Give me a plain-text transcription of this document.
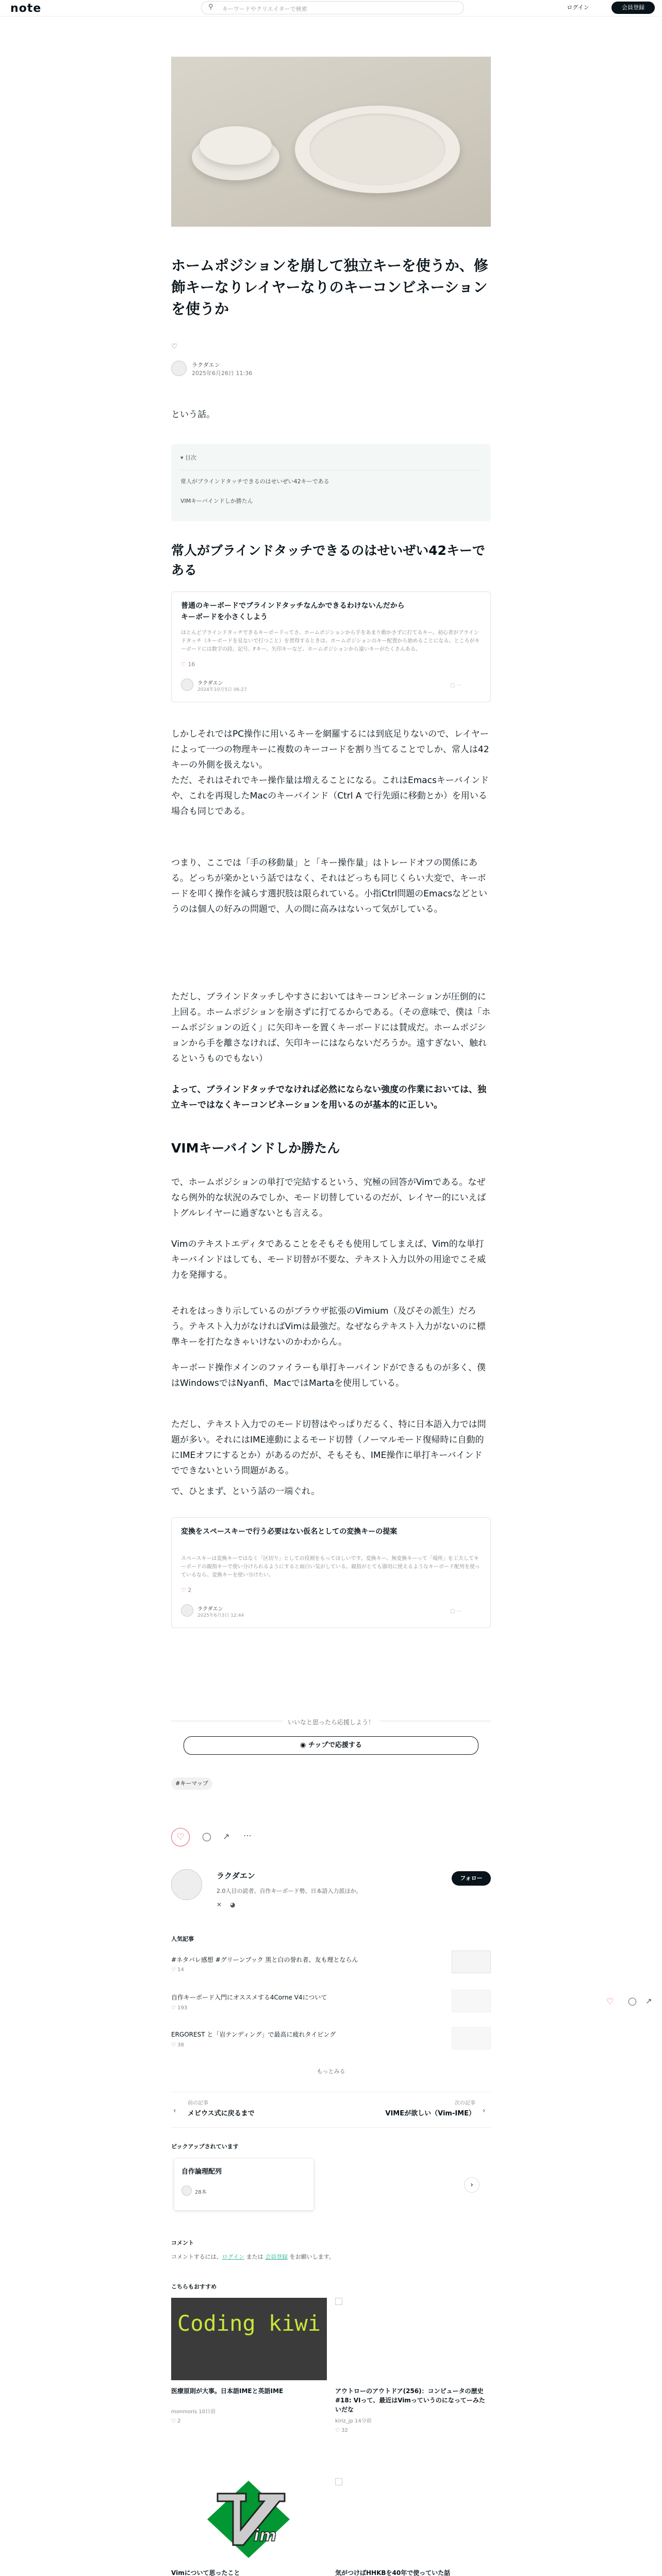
note	キーワードやクリエイターで検索
⚲	ログイン	会員登録
ホームポジションを崩して独立キーを使うか、修飾キーなりレイヤーなりのキーコンビネーションを使うか
♡
ラクダエン
2025年6月26日 11:36
という話。
▾ 目次
常人がブラインドタッチできるのはせいぜい42キーである
VIMキーバインドしか勝たん
常人がブラインドタッチできるのはせいぜい42キーである
普通のキーボードでブラインドタッチなんかできるわけないんだからキーボードを小さくしよう
ほとんどブラインドタッチできるキーボードってさ、ホームポジションから手をあまり動かさずに打てるキー。初心者がブラインドタッチ（キーボードを見ないで打つこと）を習得するときは、ホームポジションのキー配置から始めることになる。ところがキーボードには数字の段、記号、Fキー、矢印キーなど、ホームポジションから遠いキーがたくさんある。
♡ 16
ラクダエン
2024年10月5日 06:27
▢ ⋯
しかしそれではPC操作に用いるキーを網羅するには到底足りないので、レイヤーによって一つの物理キーに複数のキーコードを割り当てることでしか、常人は42キーの外側を扱えない。
ただ、それはそれでキー操作量は増えることになる。これはEmacsキーバインドや、これを再現したMacのキーバインド（Ctrl A で行先頭に移動とか）を用いる場合も同じである。
つまり、ここでは「手の移動量」と「キー操作量」はトレードオフの関係にある。どっちが楽かという話ではなく、それはどっちも同じくらい大変で、キーボードを叩く操作を減らす選択肢は限られている。小指Ctrl問題のEmacsなどというのは個人の好みの問題で、人の間に高みはないって気がしている。
ただし、ブラインドタッチしやすさにおいてはキーコンビネーションが圧倒的に上回る。ホームポジションを崩さずに打てるからである。（その意味で、僕は「ホームポジションの近く」に矢印キーを置くキーボードには賛成だ。ホームポジションから手を離さなければ、矢印キーにはならないだろうか。遠すぎない、触れるというものでもない）
よって、ブラインドタッチでなければ必然にならない強度の作業においては、独立キーではなくキーコンビネーションを用いるのが基本的に正しい。
VIMキーバインドしか勝たん
で、ホームポジションの単打で完結するという、究極の回答がVimである。なぜなら例外的な状況のみでしか、モード切替しているのだが、レイヤー的にいえばトグルレイヤーに過ぎないとも言える。
Vimのテキストエディタであることをそもそも使用してしまえば、Vim的な単打キーバインドはしても、モード切替が不要な、テキスト入力以外の用途でこそ威力を発揮する。
それをはっきり示しているのがブラウザ拡張のVimium（及びその派生）だろう。テキスト入力がなければVimは最強だ。なぜならテキスト入力がないのに標準キーを打たなきゃいけないのかわからん。
キーボード操作メインのファイラーも単打キーバインドができるものが多く、僕はWindowsではNyanfi、MacではMartaを使用している。
ただし、テキスト入力でのモード切替はやっぱりだるく、特に日本語入力では問題が多い。それにはIME連動によるモード切替（ノーマルモード復帰時に自動的にIMEオフにするとか）があるのだが、そもそも、IME操作に単打キーバインドでできないという問題がある。
で、ひとまず、という話の一端ぐれ。
変換をスペースキーで行う必要はない仮名としての変換キーの提案
スペースキーは変換キーではなく「区切り」としての役割をもってほしいです。変換キー、無変換キーって「場所」を工夫してキーボードの親指キーで使い分けられるようにすると面白い気がしている。親指がとても器用に使えるようなキーボード配列を使っているなら、変換キーを使い分けたい。
♡ 2
ラクダエン
2025年6月3日 12:44
▢ ⋯
いいなと思ったら応援しよう！
◉ チップで応援する
#キーマップ
♡	◯ ↗ ⋯
ラクダエン
2.0人目の読者、自作キーボード勢、日本語入力派ほか。
✕ ◕
フォロー
人気記事
#ネタバレ感想 #グリーンブック 黒と白の誉れ者、友も理とならん
♡ 14
自作キーボード入門にオススメする4Corne V4について
♡ 193
ERGOREST と「岩テンディング」で最高に疲れタイピング
♡ 38
もっとみる
♡ ◯ ↗
‹
前の記事
メビウス式に戻るまで
次の記事
VIMEが欲しい（Vim-IME） ›
ピックアップされています
自作論理配列
28本
›
コメント
コメントするには、ログイン または 会員登録 をお願いします。
こちらもおすすめ
Coding kiwi
医療原則が大事。日本語IMEと英語IME
monmoris 10日前
♡ 2
アウトローのアウトドア(256)：コンピュータの歴史#18: VIって、最近はVimっていうのになってーみたいだな
kiriz_jp 14分前
♡ 32
im
Vimについて思ったこと	気がつけばHHKBを40年で使っていた話
